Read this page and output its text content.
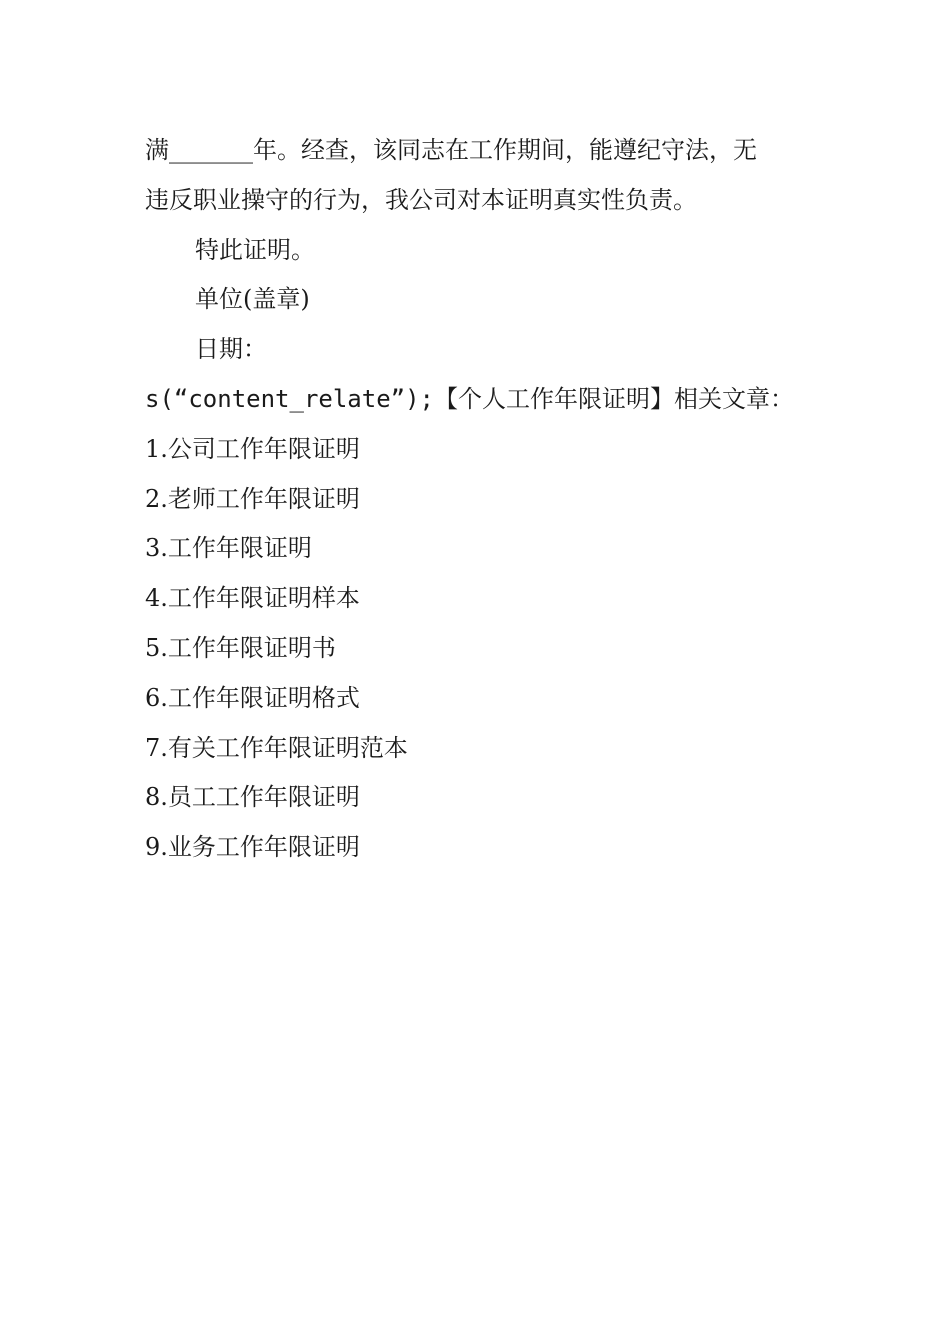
满_______年。经查，该同志在工作期间，能遵纪守法，无
违反职业操守的行为，我公司对本证明真实性负责。
特此证明。
单位(盖章)
日期：
s(“content_relate”);【个人工作年限证明】相关文章：
1.公司工作年限证明
2.老师工作年限证明
3.工作年限证明
4.工作年限证明样本
5.工作年限证明书
6.工作年限证明格式
7.有关工作年限证明范本
8.员工工作年限证明
9.业务工作年限证明
